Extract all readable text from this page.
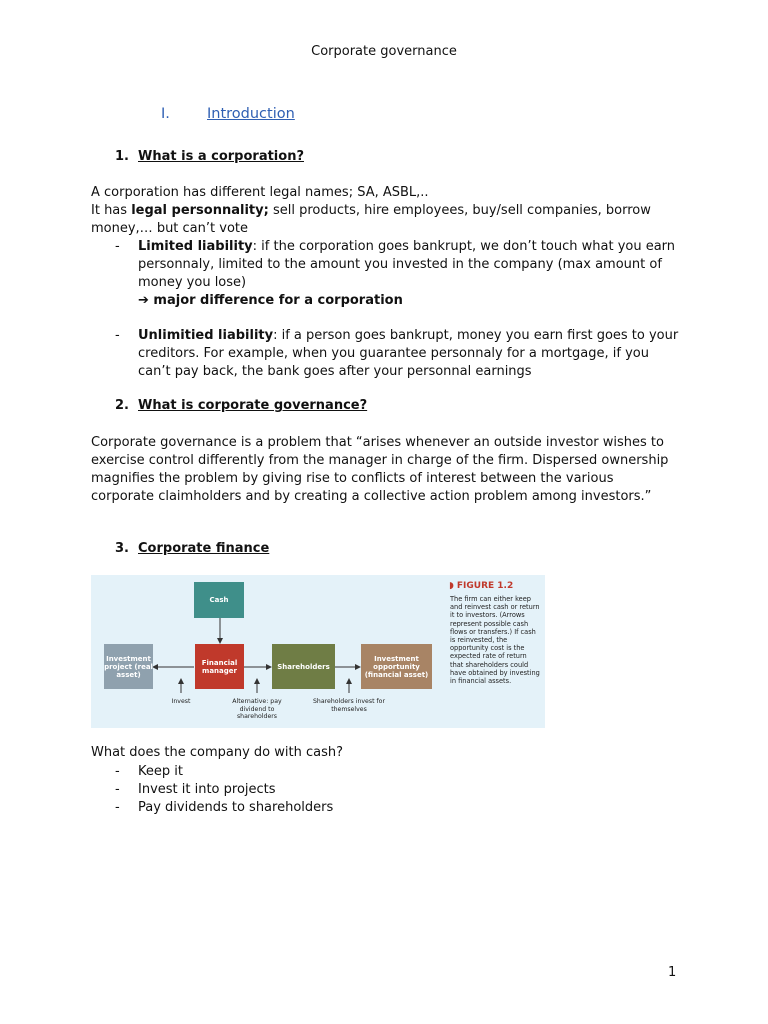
Corporate governance
I.	Introduction
1. What is a corporation?

A corporation has different legal names; SA, ASBL,..

It has legal personnality; sell products, hire employees, buy/sell companies, borrow money,… but can’t vote

- Limited liability: if the corporation goes bankrupt, we don’t touch what you earn personnaly, limited to the amount you invested in the company (max amount of money you lose)
➔ major difference for a corporation
- Unlimitied liability: if a person goes bankrupt, money you earn first goes to your creditors. For example, when you guarantee personnaly for a mortgage, if you can’t pay back, the bank goes after your personnal earnings
2. What is corporate governance?
Corporate governance is a problem that “arises whenever an outside investor wishes to exercise control differently from the manager in charge of the firm. Dispersed ownership magnifies the problem by giving rise to conflicts of interest between the various corporate claimholders and by creating a collective action problem among investors.”
3. Corporate finance
Cash
Investment project (real asset)
Financial manager	Shareholders
Investment opportunity (financial asset)
Invest	Alternative: pay dividend to shareholders
Shareholders invest for themselves
◗ FIGURE 1.2
The firm can either keep and reinvest cash or return it to investors. (Arrows represent possible cash flows or transfers.) If cash is reinvested, the opportunity cost is the expected rate of return that shareholders could have obtained by investing in financial assets.
What does the company do with cash?
- Keep it
- Invest it into projects
- Pay dividends to shareholders
1
